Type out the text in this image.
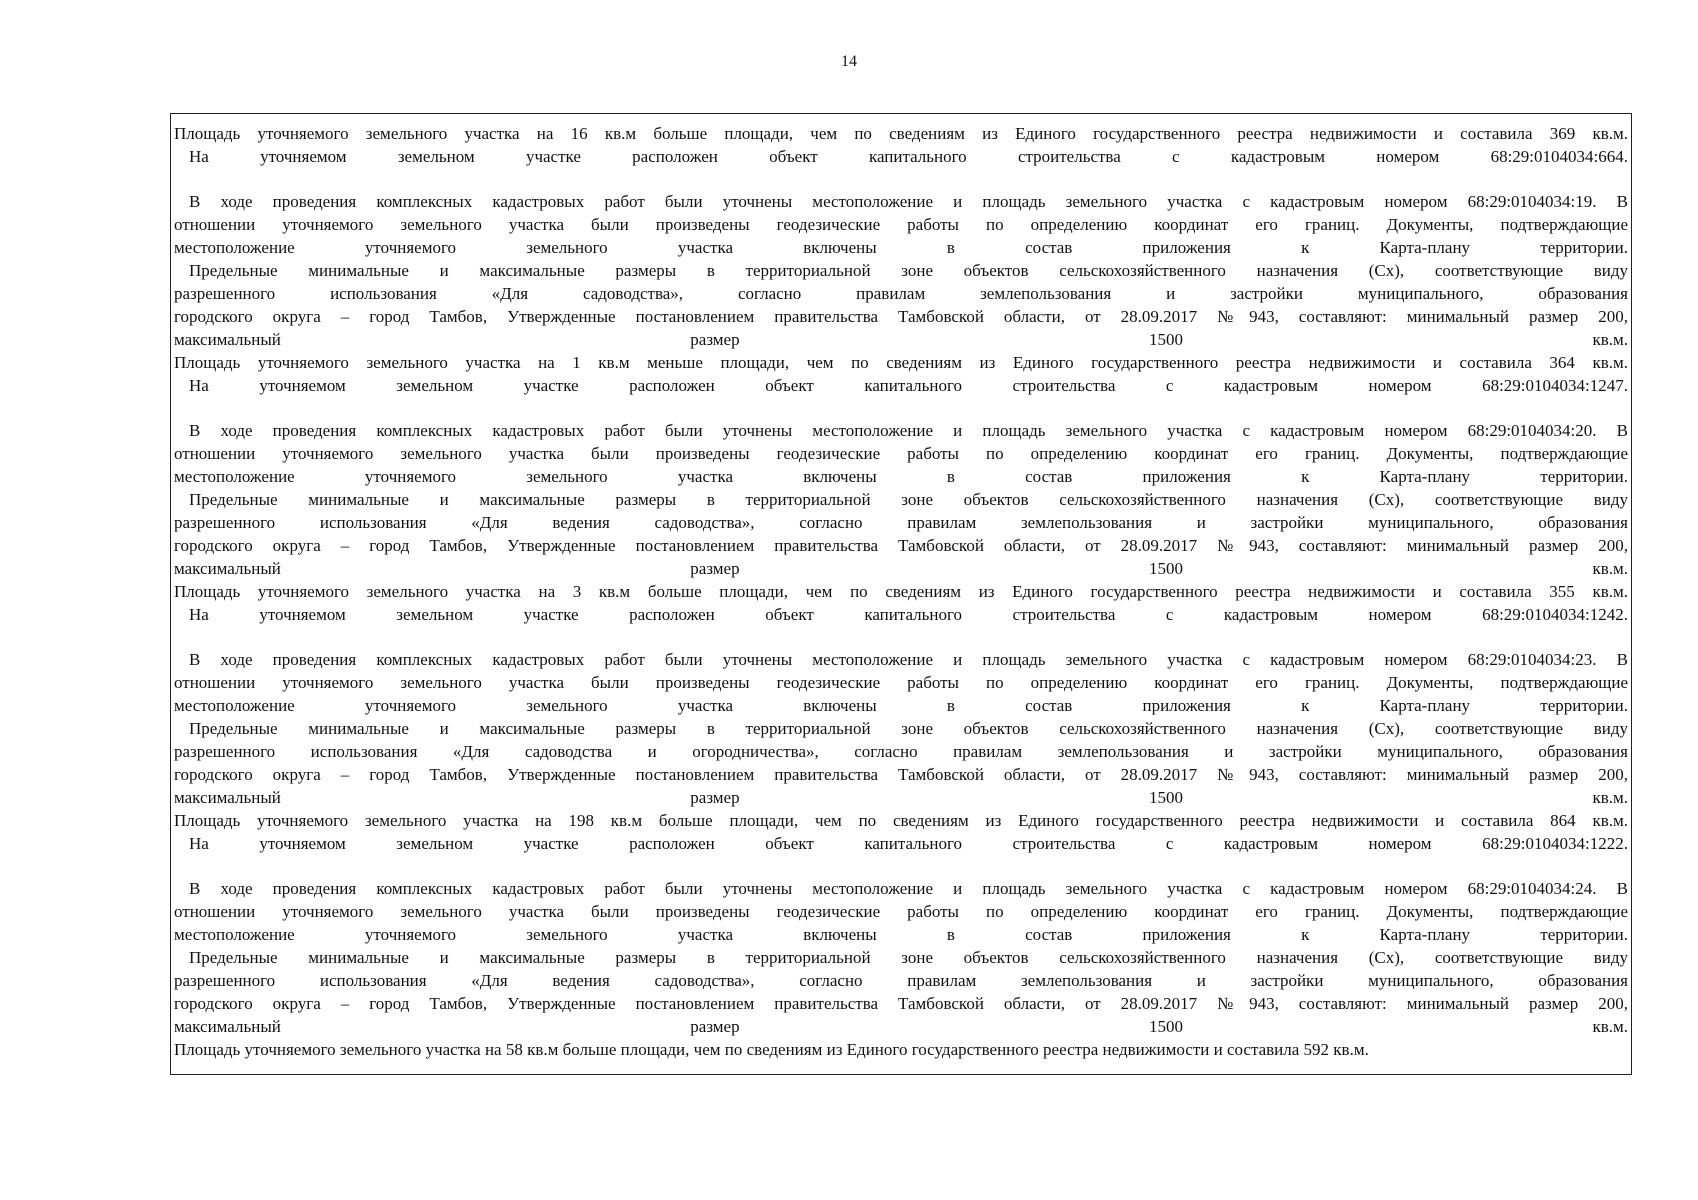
14
Площадь уточняемого земельного участка на 16 кв.м больше площади, чем по сведениям из Единого государственного реестра недвижимости и составила 369 кв.м.
На уточняемом земельном участке расположен объект капитального строительства с кадастровым номером 68:29:0104034:664.
В ходе проведения комплексных кадастровых работ были уточнены местоположение и площадь земельного участка с кадастровым номером 68:29:0104034:19. В
отношении уточняемого земельного участка были произведены геодезические работы по определению координат его границ. Документы, подтверждающие
местоположение уточняемого земельного участка включены в состав приложения к Карта-плану территории.
Предельные минимальные и максимальные размеры в территориальной зоне объектов сельскохозяйственного назначения (Сх), соответствующие виду
разрешенного использования «Для садоводства», согласно правилам землепользования и застройки муниципального, образования
городского округа – город Тамбов, Утвержденные постановлением правительства Тамбовской области, от 28.09.2017 №943, составляют: минимальный размер 200,
максимальный размер 1500 кв.м.
Площадь уточняемого земельного участка на 1 кв.м меньше площади, чем по сведениям из Единого государственного реестра недвижимости и составила 364 кв.м.
На уточняемом земельном участке расположен объект капитального строительства с кадастровым номером 68:29:0104034:1247.
В ходе проведения комплексных кадастровых работ были уточнены местоположение и площадь земельного участка с кадастровым номером 68:29:0104034:20. В
отношении уточняемого земельного участка были произведены геодезические работы по определению координат его границ. Документы, подтверждающие
местоположение уточняемого земельного участка включены в состав приложения к Карта-плану территории.
Предельные минимальные и максимальные размеры в территориальной зоне объектов сельскохозяйственного назначения (Сх), соответствующие виду
разрешенного использования «Для ведения садоводства», согласно правилам землепользования и застройки муниципального, образования
городского округа – город Тамбов, Утвержденные постановлением правительства Тамбовской области, от 28.09.2017 №943, составляют: минимальный размер 200,
максимальный размер 1500 кв.м.
Площадь уточняемого земельного участка на 3 кв.м больше площади, чем по сведениям из Единого государственного реестра недвижимости и составила 355 кв.м.
На уточняемом земельном участке расположен объект капитального строительства с кадастровым номером 68:29:0104034:1242.
В ходе проведения комплексных кадастровых работ были уточнены местоположение и площадь земельного участка с кадастровым номером 68:29:0104034:23. В
отношении уточняемого земельного участка были произведены геодезические работы по определению координат его границ. Документы, подтверждающие
местоположение уточняемого земельного участка включены в состав приложения к Карта-плану территории.
Предельные минимальные и максимальные размеры в территориальной зоне объектов сельскохозяйственного назначения (Сх), соответствующие виду
разрешенного использования «Для садоводства и огородничества», согласно правилам землепользования и застройки муниципального, образования
городского округа – город Тамбов, Утвержденные постановлением правительства Тамбовской области, от 28.09.2017 №943, составляют: минимальный размер 200,
максимальный размер 1500 кв.м.
Площадь уточняемого земельного участка на 198 кв.м больше площади, чем по сведениям из Единого государственного реестра недвижимости и составила 864 кв.м.
На уточняемом земельном участке расположен объект капитального строительства с кадастровым номером 68:29:0104034:1222.
В ходе проведения комплексных кадастровых работ были уточнены местоположение и площадь земельного участка с кадастровым номером 68:29:0104034:24. В
отношении уточняемого земельного участка были произведены геодезические работы по определению координат его границ. Документы, подтверждающие
местоположение уточняемого земельного участка включены в состав приложения к Карта-плану территории.
Предельные минимальные и максимальные размеры в территориальной зоне объектов сельскохозяйственного назначения (Сх), соответствующие виду
разрешенного использования «Для ведения садоводства», согласно правилам землепользования и застройки муниципального, образования
городского округа – город Тамбов, Утвержденные постановлением правительства Тамбовской области, от 28.09.2017 №943, составляют: минимальный размер 200,
максимальный размер 1500 кв.м.
Площадь уточняемого земельного участка на 58 кв.м больше площади, чем по сведениям из Единого государственного реестра недвижимости и составила 592 кв.м.
